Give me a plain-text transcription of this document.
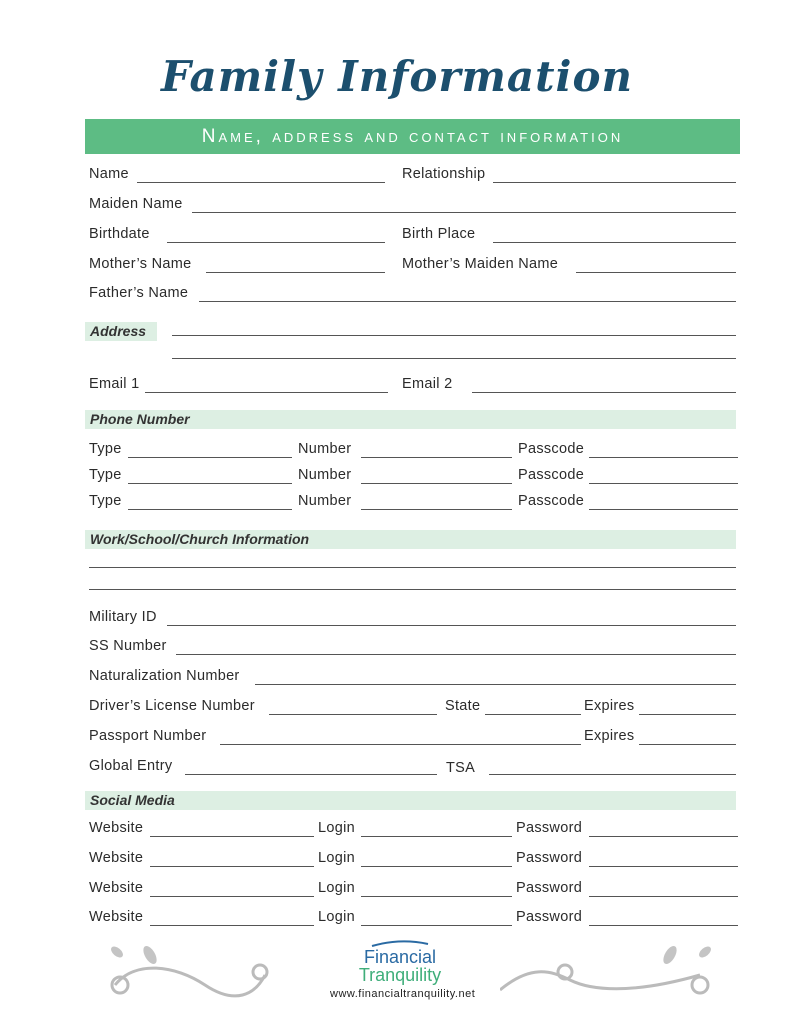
Family Information
Name, address and contact information
Name	Relationship
Maiden Name
Birthdate	Birth Place
Mother’s Name	Mother’s Maiden Name
Father’s Name
Address
Email 1	Email 2
Phone Number
Type	Number	Passcode
Type	Number	Passcode
Type	Number	Passcode
Work/School/Church Information
Military ID
SS Number
Naturalization Number
Driver’s License Number	State	Expires
Passport Number	Expires
Global Entry	TSA
Social Media
Website	Login	Password
Website	Login	Password
Website	Login	Password
Website	Login	Password
Financial
Tranquility
www.financialtranquility.net
